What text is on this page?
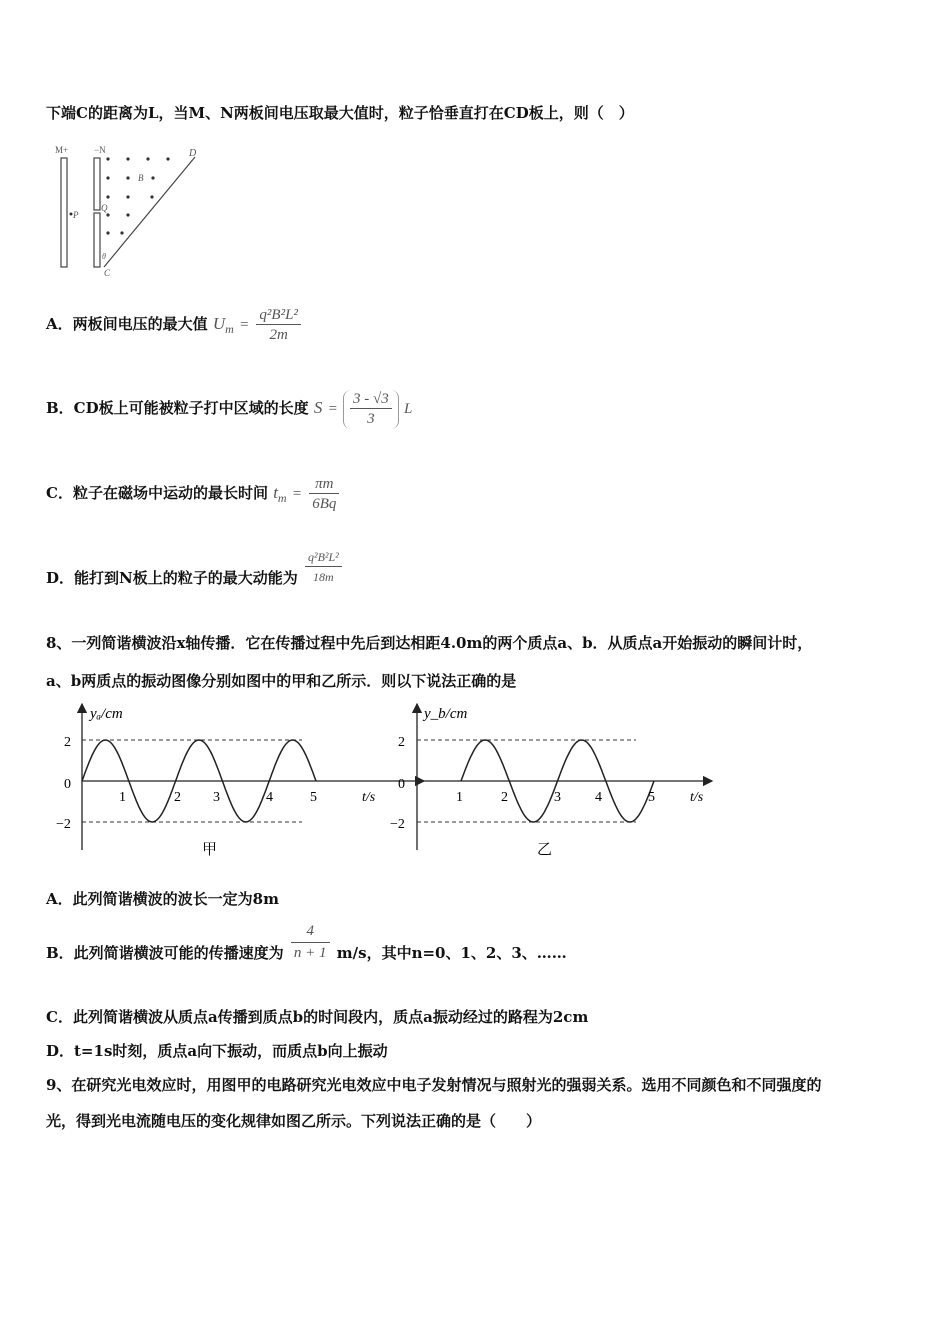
下端C的距离为L，当M、N两板间电压取最大值时，粒子恰垂直打在CD板上，则（　）
M+	−N	D
B
P
Q
θ
C
A．两板间电压的最大值 $U_m = \frac{\text{q²B²L²}}{2m}$
B．CD板上可能被粒子打中区域的长度 $S = \frac{3 - √3}{3}$ L
C．粒子在磁场中运动的最长时间 $t_m = \frac{\pi m}{6Bq}$
D．能打到N板上的粒子的最大动能为 $\frac{\text{q²B²L²}}{18m}$
8、一列简谐横波沿x轴传播．它在传播过程中先后到达相距4.0m的两个质点a、b．从质点a开始振动的瞬间计时，
a、b两质点的振动图像分别如图中的甲和乙所示．则以下说法正确的是
yₐ/cm
2
0
−2
1	2 3	4	5	t/s
甲
y_b/cm
2
0
−2
1	2	3 4	5	t/s
乙
A．此列简谐横波的波长一定为8m
B．此列简谐横波可能的传播速度为 $\frac{4}{n + 1} m/s$，其中n=0、1、2、3、……
C．此列简谐横波从质点a传播到质点b的时间段内，质点a振动经过的路程为2cm
D．t=1s时刻，质点a向下振动，而质点b向上振动
9、在研究光电效应时，用图甲的电路研究光电效应中电子发射情况与照射光的强弱关系。选用不同颜色和不同强度的
光，得到光电流随电压的变化规律如图乙所示。下列说法正确的是（　　）
